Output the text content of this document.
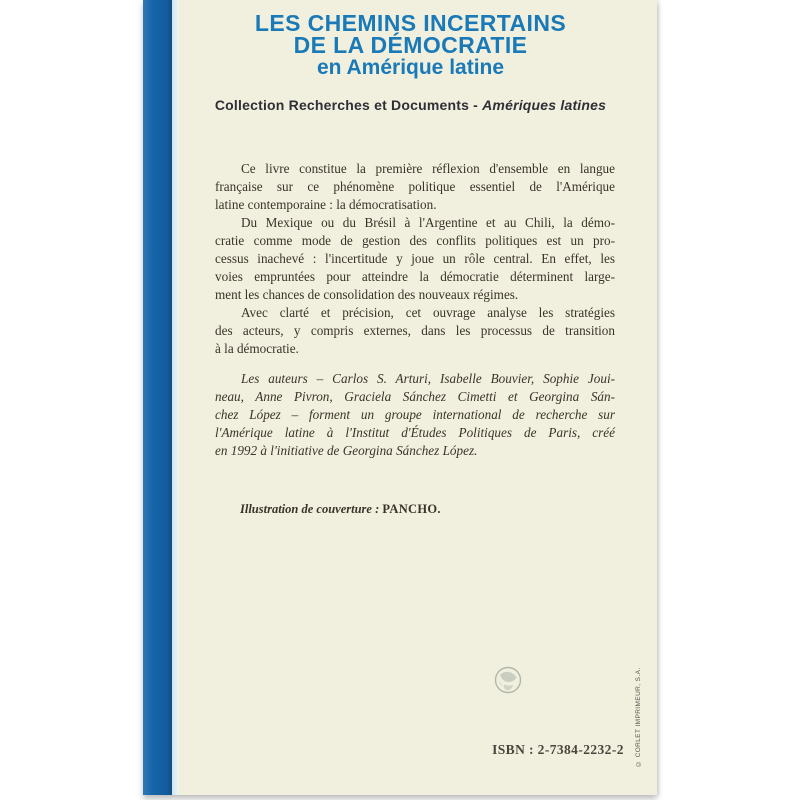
LES CHEMINS INCERTAINS
DE LA DÉMOCRATIE
en Amérique latine
Collection Recherches et Documents - Amériques latines
Ce livre constitue la première réflexion d'ensemble en langue
française sur ce phénomène politique essentiel de l'Amérique
latine contemporaine : la démocratisation.
Du Mexique ou du Brésil à l'Argentine et au Chili, la démo-
cratie comme mode de gestion des conflits politiques est un pro-
cessus inachevé : l'incertitude y joue un rôle central. En effet, les
voies empruntées pour atteindre la démocratie déterminent large-
ment les chances de consolidation des nouveaux régimes.
Avec clarté et précision, cet ouvrage analyse les stratégies
des acteurs, y compris externes, dans les processus de transition
à la démocratie.
Les auteurs – Carlos S. Arturi, Isabelle Bouvier, Sophie Joui-
neau, Anne Pivron, Graciela Sánchez Cimetti et Georgina Sán-
chez López – forment un groupe international de recherche sur
l'Amérique latine à l'Institut d'Études Politiques de Paris, créé
en 1992 à l'initiative de Georgina Sánchez López.
Illustration de couverture : PANCHO.
ISBN : 2-7384-2232-2	© CORLET IMPRIMEUR, S.A.
